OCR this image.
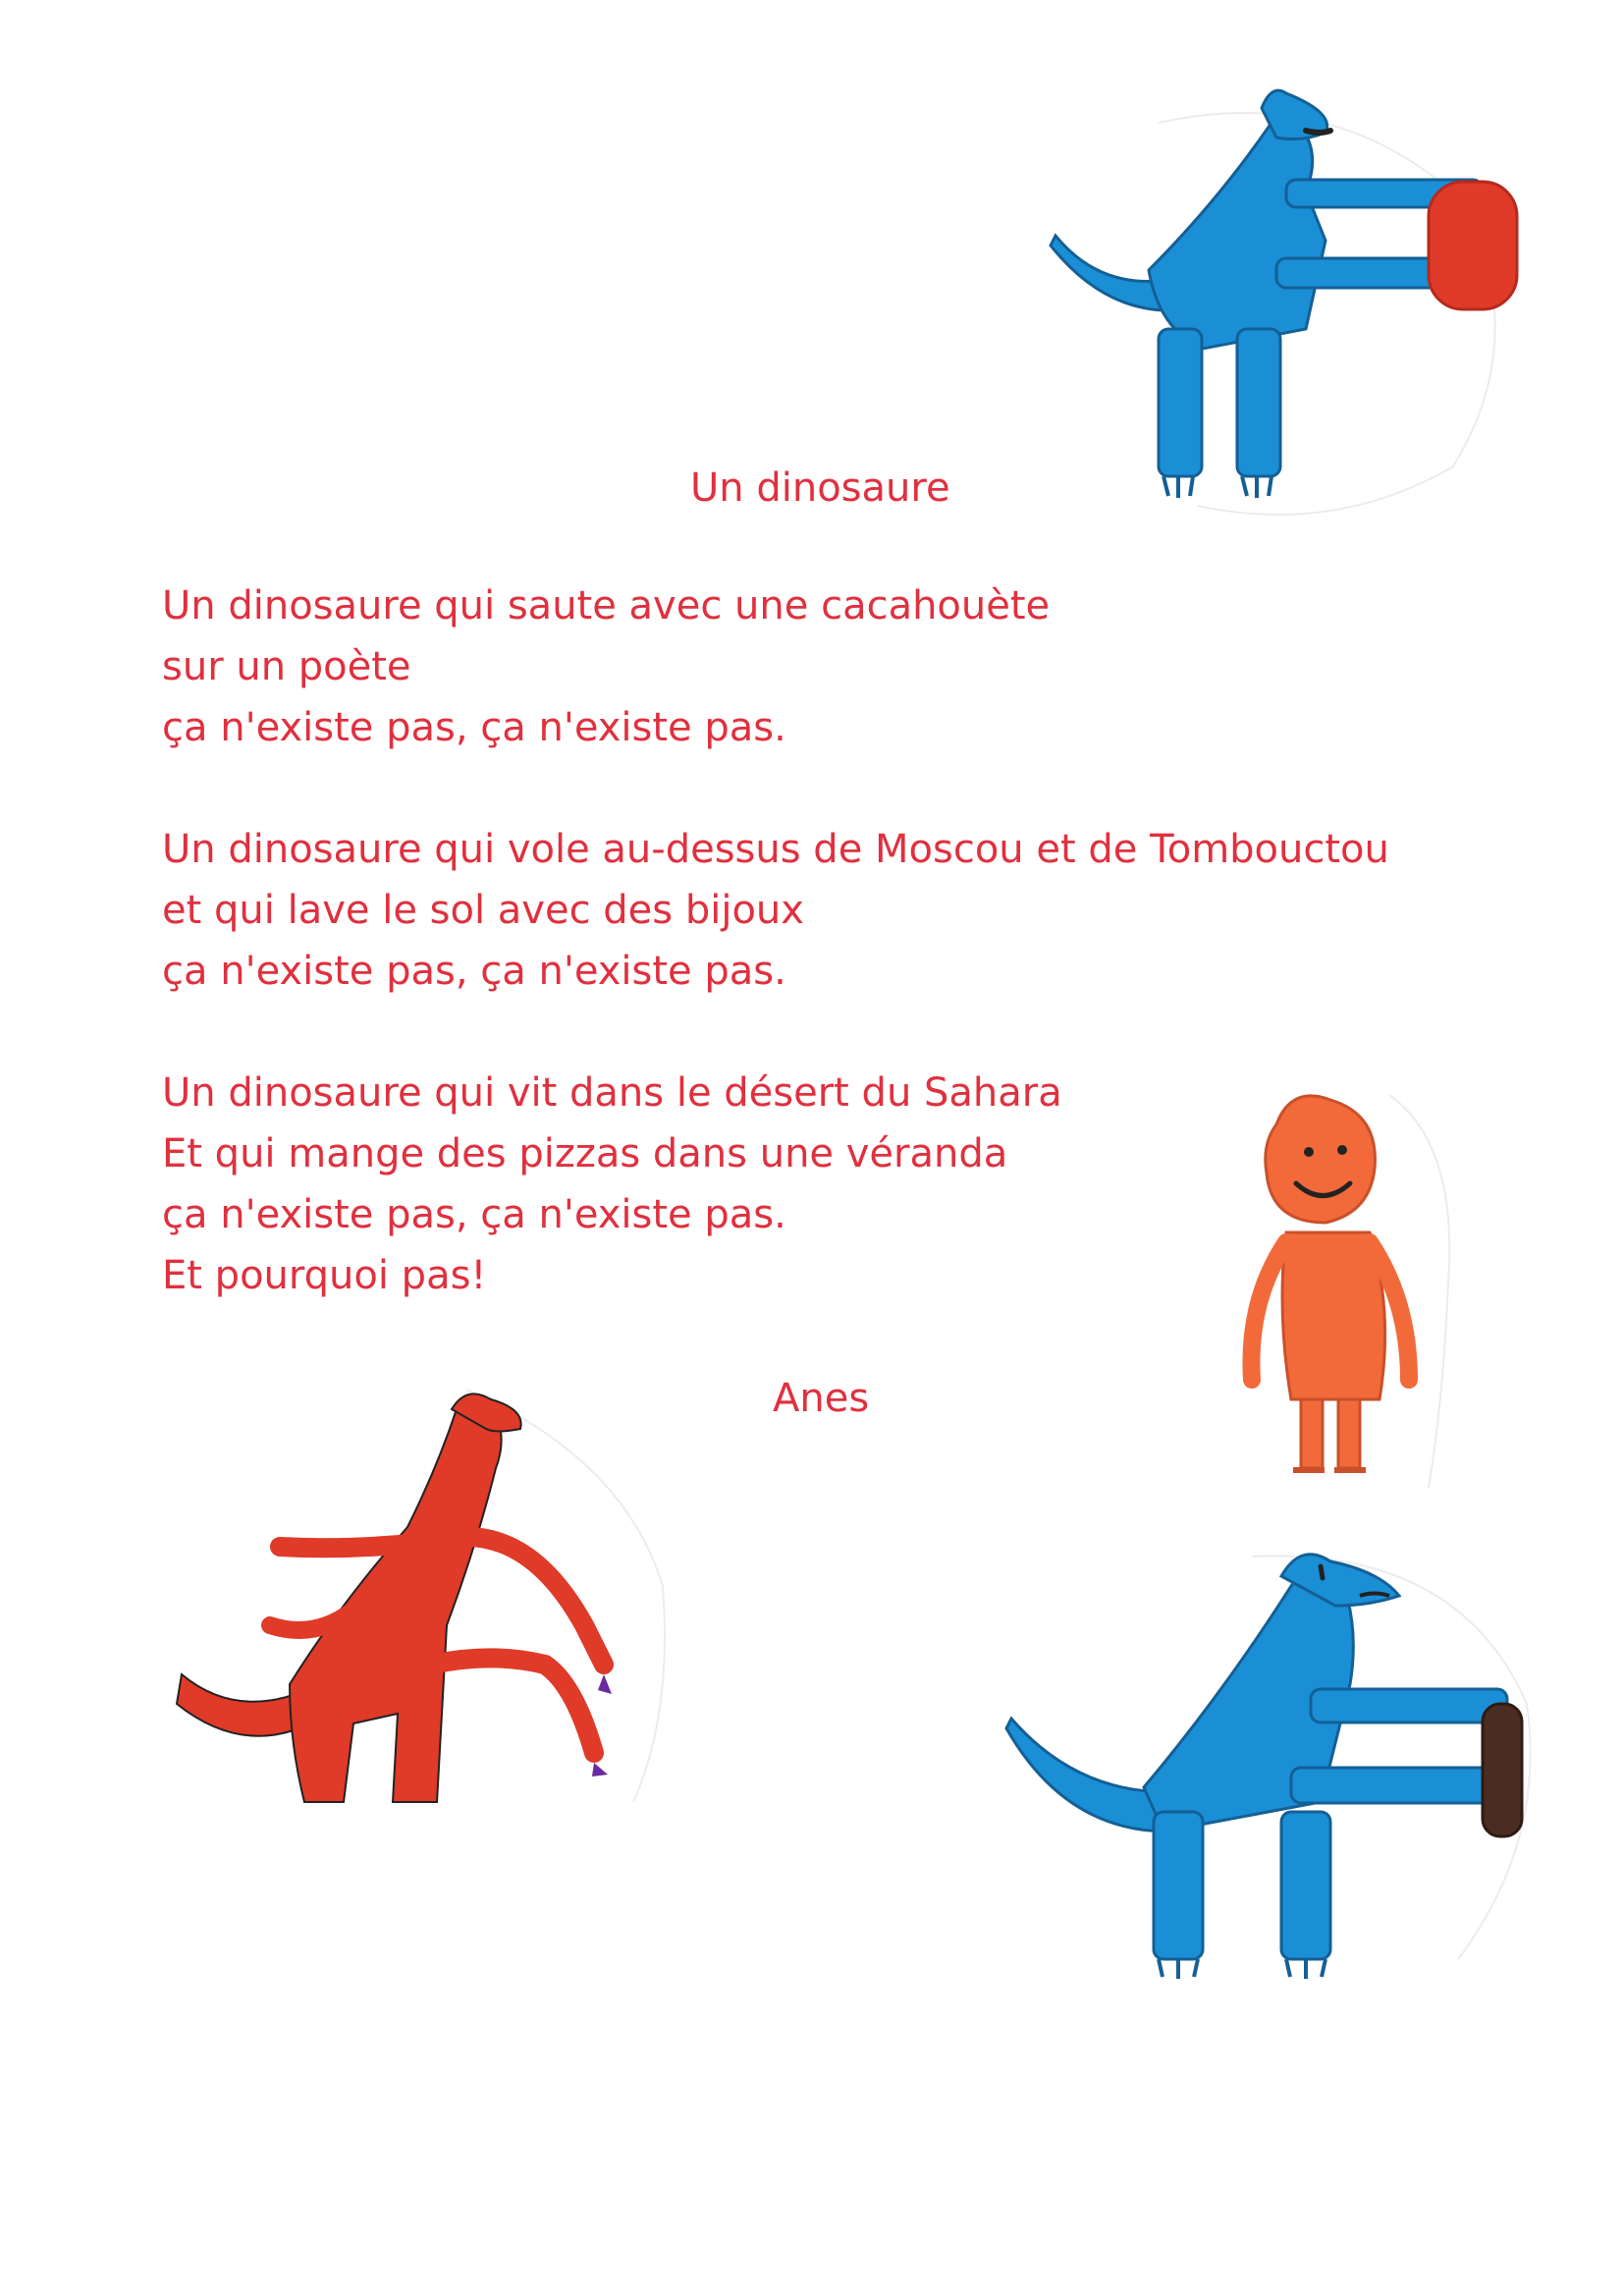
Un dinosaure
Un dinosaure qui saute avec une cacahouète
sur un poète
ça n'existe pas, ça n'existe pas.
Un dinosaure qui vole au-dessus de Moscou et de Tombouctou
et qui lave le sol avec des bijoux
ça n'existe pas, ça n'existe pas.
Un dinosaure qui vit dans le désert du Sahara
Et qui mange des pizzas dans une véranda
ça n'existe pas, ça n'existe pas.
Et pourquoi pas!
Anes
